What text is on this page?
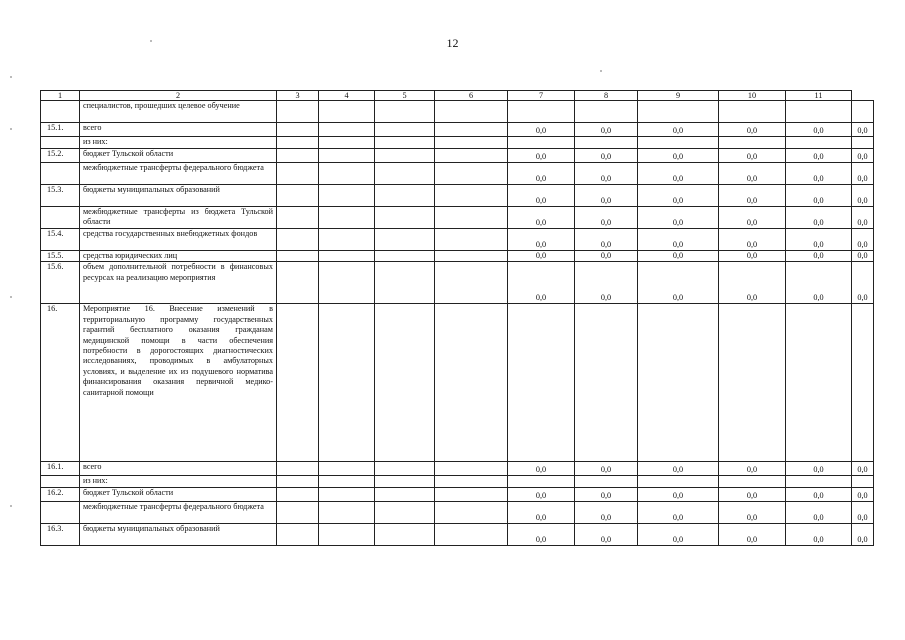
12
1	2	3	4	5	6	7	8	9	10	11	
	специалистов, прошедших целевое обучение										
15.1.	всего					0,0	0,0	0,0	0,0	0,0	0,0
	из них:										
15.2.	бюджет Тульской области					0,0	0,0	0,0	0,0	0,0	0,0
	межбюджетные трансферты федерального бюджета					0,0	0,0	0,0	0,0	0,0	0,0
15.3.	бюджеты муниципальных образований					0,0	0,0	0,0	0,0	0,0	0,0
	межбюджетные трансферты из бюджета Тульской области					0,0	0,0	0,0	0,0	0,0	0,0
15.4.	средства государственных внебюджетных фондов					0,0	0,0	0,0	0,0	0,0	0,0
15.5.	средства юридических лиц					0,0	0,0	0,0	0,0	0,0	0,0
15.6.	объем дополнительной потребности в финансовых ресурсах на реализацию мероприятия					0,0	0,0	0,0	0,0	0,0	0,0
16.	Мероприятие 16. Внесение изменений в территориальную программу государственных гарантий бесплатного оказания гражданам медицинской помощи в части обеспечения потребности в дорогостоящих диагностических исследованиях, проводимых в амбулаторных условиях, и выделение их из подушевого норматива финансирования оказания первичной медико-санитарной помощи										
16.1.	всего					0,0	0,0	0,0	0,0	0,0	0,0
	из них:										
16.2.	бюджет Тульской области					0,0	0,0	0,0	0,0	0,0	0,0
	межбюджетные трансферты федерального бюджета					0,0	0,0	0,0	0,0	0,0	0,0
16.3.	бюджеты муниципальных образований					0,0	0,0	0,0	0,0	0,0	0,0
